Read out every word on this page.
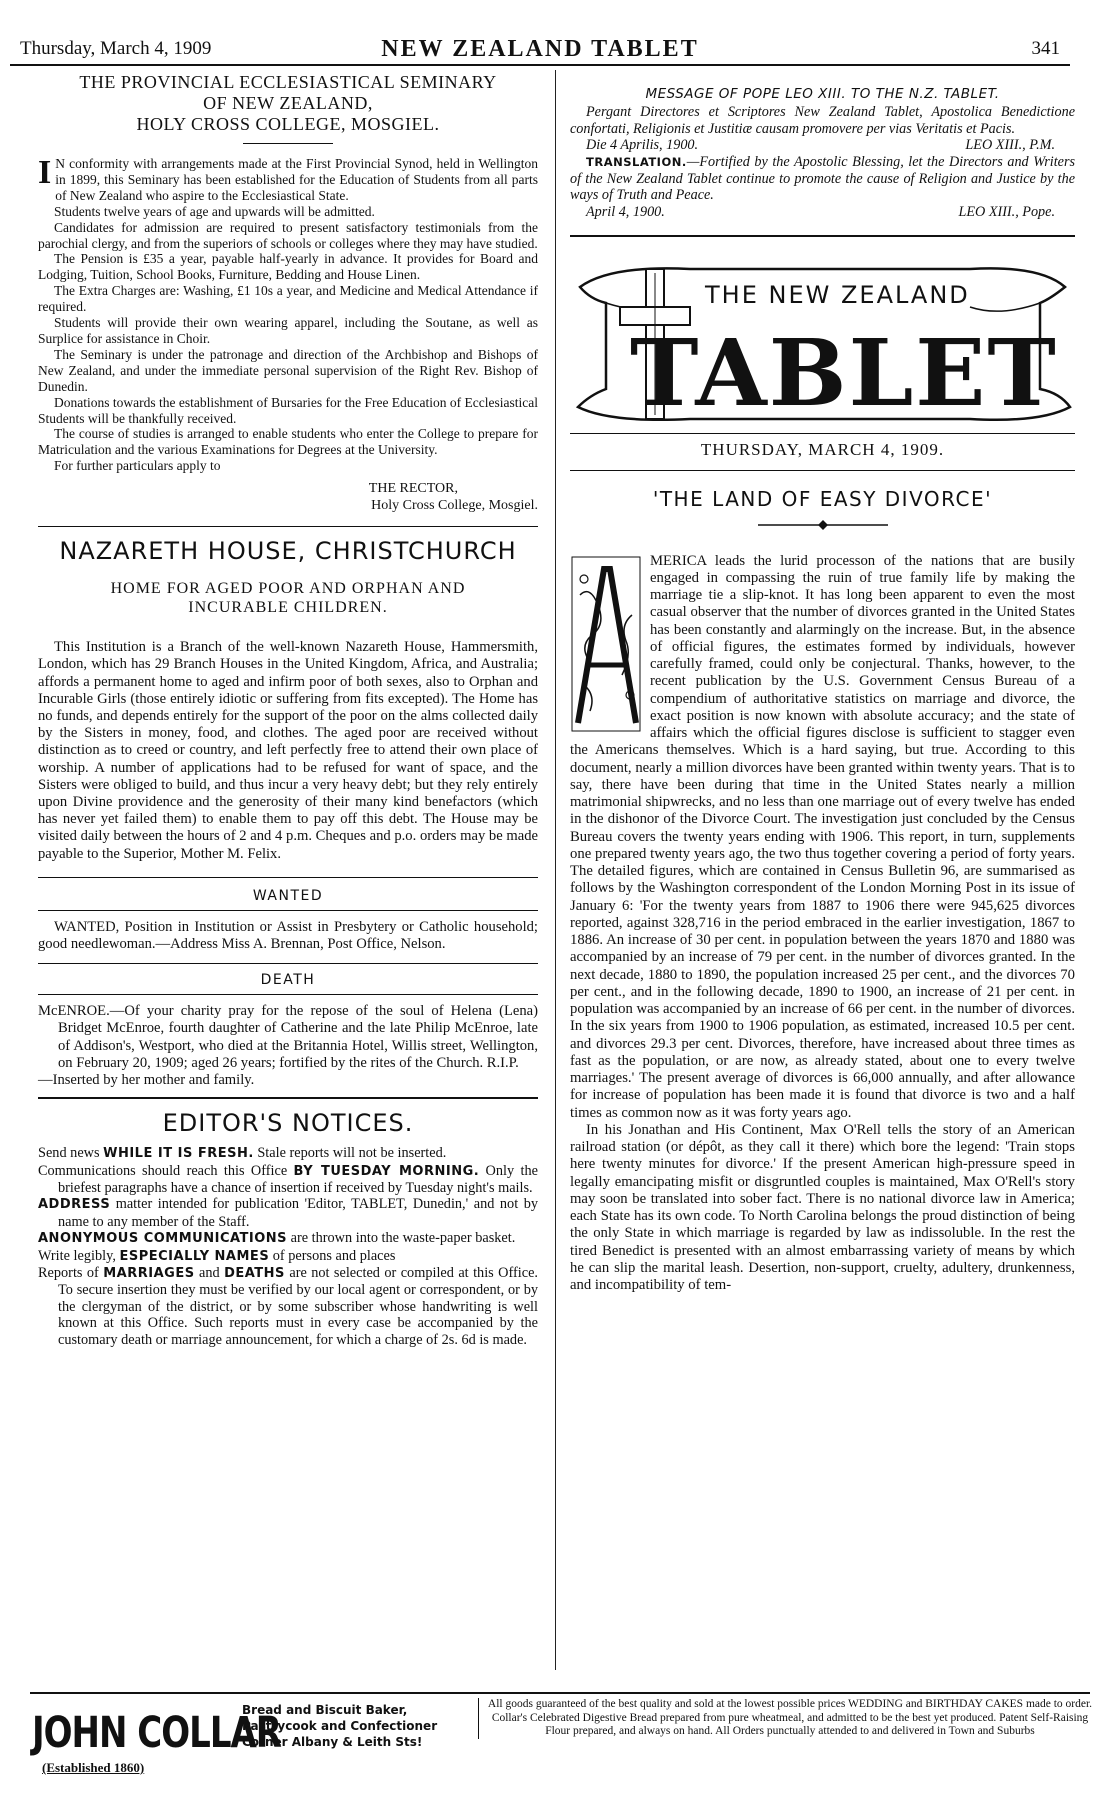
Thursday, March 4, 1909	NEW ZEALAND TABLET	341

THE PROVINCIAL ECCLESIASTICAL SEMINARY

OF NEW ZEALAND,

HOLY CROSS COLLEGE, MOSGIEL.

I N conformity with arrangements made at the First Provincial Synod, held in Wellington in 1899, this Seminary has been established for the Education of Students from all parts of New Zealand who aspire to the Ecclesiastical State.

Students twelve years of age and upwards will be admitted.

Candidates for admission are required to present satisfactory testimonials from the parochial clergy, and from the superiors of schools or colleges where they may have studied.

The Pension is £35 a year, payable half-yearly in advance. It provides for Board and Lodging, Tuition, School Books, Furniture, Bedding and House Linen.

The Extra Charges are: Washing, £1 10s a year, and Medicine and Medical Attendance if required.

Students will provide their own wearing apparel, including the Soutane, as well as Surplice for assistance in Choir.

The Seminary is under the patronage and direction of the Archbishop and Bishops of New Zealand, and under the immediate personal supervision of the Right Rev. Bishop of Dunedin.

Donations towards the establishment of Bursaries for the Free Education of Ecclesiastical Students will be thankfully received.

The course of studies is arranged to enable students who enter the College to prepare for Matriculation and the various Examinations for Degrees at the University.

For further particulars apply to

THE RECTOR,
Holy Cross College, Mosgiel.
NAZARETH HOUSE, CHRISTCHURCH
HOME FOR AGED POOR AND ORPHAN AND
INCURABLE CHILDREN.

This Institution is a Branch of the well-known Nazareth House, Hammersmith, London, which has 29 Branch Houses in the United Kingdom, Africa, and Australia; affords a permanent home to aged and infirm poor of both sexes, also to Orphan and Incurable Girls (those entirely idiotic or suffering from fits excepted). The Home has no funds, and depends entirely for the support of the poor on the alms collected daily by the Sisters in money, food, and clothes. The aged poor are received without distinction as to creed or country, and left perfectly free to attend their own place of worship. A number of applications had to be refused for want of space, and the Sisters were obliged to build, and thus incur a very heavy debt; but they rely entirely upon Divine providence and the generosity of their many kind benefactors (which has never yet failed them) to enable them to pay off this debt. The House may be visited daily between the hours of 2 and 4 p.m. Cheques and p.o. orders may be made payable to the Superior, Mother M. Felix.

WANTED

WANTED, Position in Institution or Assist in Presbytery or Catholic household; good needlewoman.—Address Miss A. Brennan, Post Office, Nelson.

DEATH

McENROE.—Of your charity pray for the repose of the soul of Helena (Lena) Bridget McEnroe, fourth daughter of Catherine and the late Philip McEnroe, late of Addison's, Westport, who died at the Britannia Hotel, Willis street, Wellington, on February 20, 1909; aged 26 years; fortified by the rites of the Church. R.I.P.

—Inserted by her mother and family.

EDITOR'S NOTICES.

Send news WHILE IT IS FRESH. Stale reports will not be inserted.

Communications should reach this Office BY TUESDAY MORNING. Only the briefest paragraphs have a chance of insertion if received by Tuesday night's mails.

ADDRESS matter intended for publication 'Editor, TABLET, Dunedin,' and not by name to any member of the Staff.

ANONYMOUS COMMUNICATIONS are thrown into the waste-paper basket.

Write legibly, ESPECIALLY NAMES of persons and places

Reports of MARRIAGES and DEATHS are not selected or compiled at this Office. To secure insertion they must be verified by our local agent or correspondent, or by the clergyman of the district, or by some subscriber whose handwriting is well known at this Office. Such reports must in every case be accompanied by the customary death or marriage announcement, for which a charge of 2s. 6d is made.

MESSAGE OF POPE LEO XIII. TO THE N.Z. TABLET.

Pergant Directores et Scriptores New Zealand Tablet, Apostolica Benedictione confortati, Religionis et Justitiæ causam promovere per vias Veritatis et Pacis.

Die 4 Aprilis, 1900.	LEO XIII., P.M.

TRANSLATION.—Fortified by the Apostolic Blessing, let the Directors and Writers of the New Zealand Tablet continue to promote the cause of Religion and Justice by the ways of Truth and Peace.

April 4, 1900.	LEO XIII., Pope.
THE NEW ZEALAND
TABLET
THURSDAY, MARCH 4, 1909.
'THE LAND OF EASY DIVORCE'
A

MERICA leads the lurid processon of the nations that are busily engaged in compassing the ruin of true family life by making the marriage tie a slip-knot. It has long been apparent to even the most casual observer that the number of divorces granted in the United States has been constantly and alarmingly on the increase. But, in the absence of official figures, the estimates formed by individuals, however carefully framed, could only be conjectural. Thanks, however, to the recent publication by the U.S. Government Census Bureau of a compendium of authoritative statistics on marriage and divorce, the exact position is now known with absolute accuracy; and the state of affairs which the official figures disclose is sufficient to stagger even the Americans themselves. Which is a hard saying, but true. According to this document, nearly a million divorces have been granted within twenty years. That is to say, there have been during that time in the United States nearly a million matrimonial shipwrecks, and no less than one marriage out of every twelve has ended in the dishonor of the Divorce Court. The investigation just concluded by the Census Bureau covers the twenty years ending with 1906. This report, in turn, supplements one prepared twenty years ago, the two thus together covering a period of forty years. The detailed figures, which are contained in Census Bulletin 96, are summarised as follows by the Washington correspondent of the London Morning Post in its issue of January 6: 'For the twenty years from 1887 to 1906 there were 945,625 divorces reported, against 328,716 in the period embraced in the earlier investigation, 1867 to 1886. An increase of 30 per cent. in population between the years 1870 and 1880 was accompanied by an increase of 79 per cent. in the number of divorces granted. In the next decade, 1880 to 1890, the population increased 25 per cent., and the divorces 70 per cent., and in the following decade, 1890 to 1900, an increase of 21 per cent. in population was accompanied by an increase of 66 per cent. in the number of divorces. In the six years from 1900 to 1906 population, as estimated, increased 10.5 per cent. and divorces 29.3 per cent. Divorces, therefore, have increased about three times as fast as the population, or are now, as already stated, about one to every twelve marriages.' The present average of divorces is 66,000 annually, and after allowance for increase of population has been made it is found that divorce is two and a half times as common now as it was forty years ago.

In his Jonathan and His Continent, Max O'Rell tells the story of an American railroad station (or dépôt, as they call it there) which bore the legend: 'Train stops here twenty minutes for divorce.' If the present American high-pressure speed in legally emancipating misfit or disgruntled couples is maintained, Max O'Rell's story may soon be translated into sober fact. There is no national divorce law in America; each State has its own code. To North Carolina belongs the proud distinction of being the only State in which marriage is regarded by law as indissoluble. In the rest the tired Benedict is presented with an almost embarrassing variety of means by which he can slip the marital leash. Desertion, non-support, cruelty, adultery, drunkenness, and incompatibility of tem-

JOHN COLLAR
Bread and Biscuit Baker,
Pastrycook and Confectioner
Corner Albany & Leith Sts!
(Established 1860)
All goods guaranteed of the best quality and sold at the lowest possible prices WEDDING and BIRTHDAY CAKES made to order. Collar's Celebrated Digestive Bread prepared from pure wheatmeal, and admitted to be the best yet produced. Patent Self-Raising Flour prepared, and always on hand. All Orders punctually attended to and delivered in Town and Suburbs
